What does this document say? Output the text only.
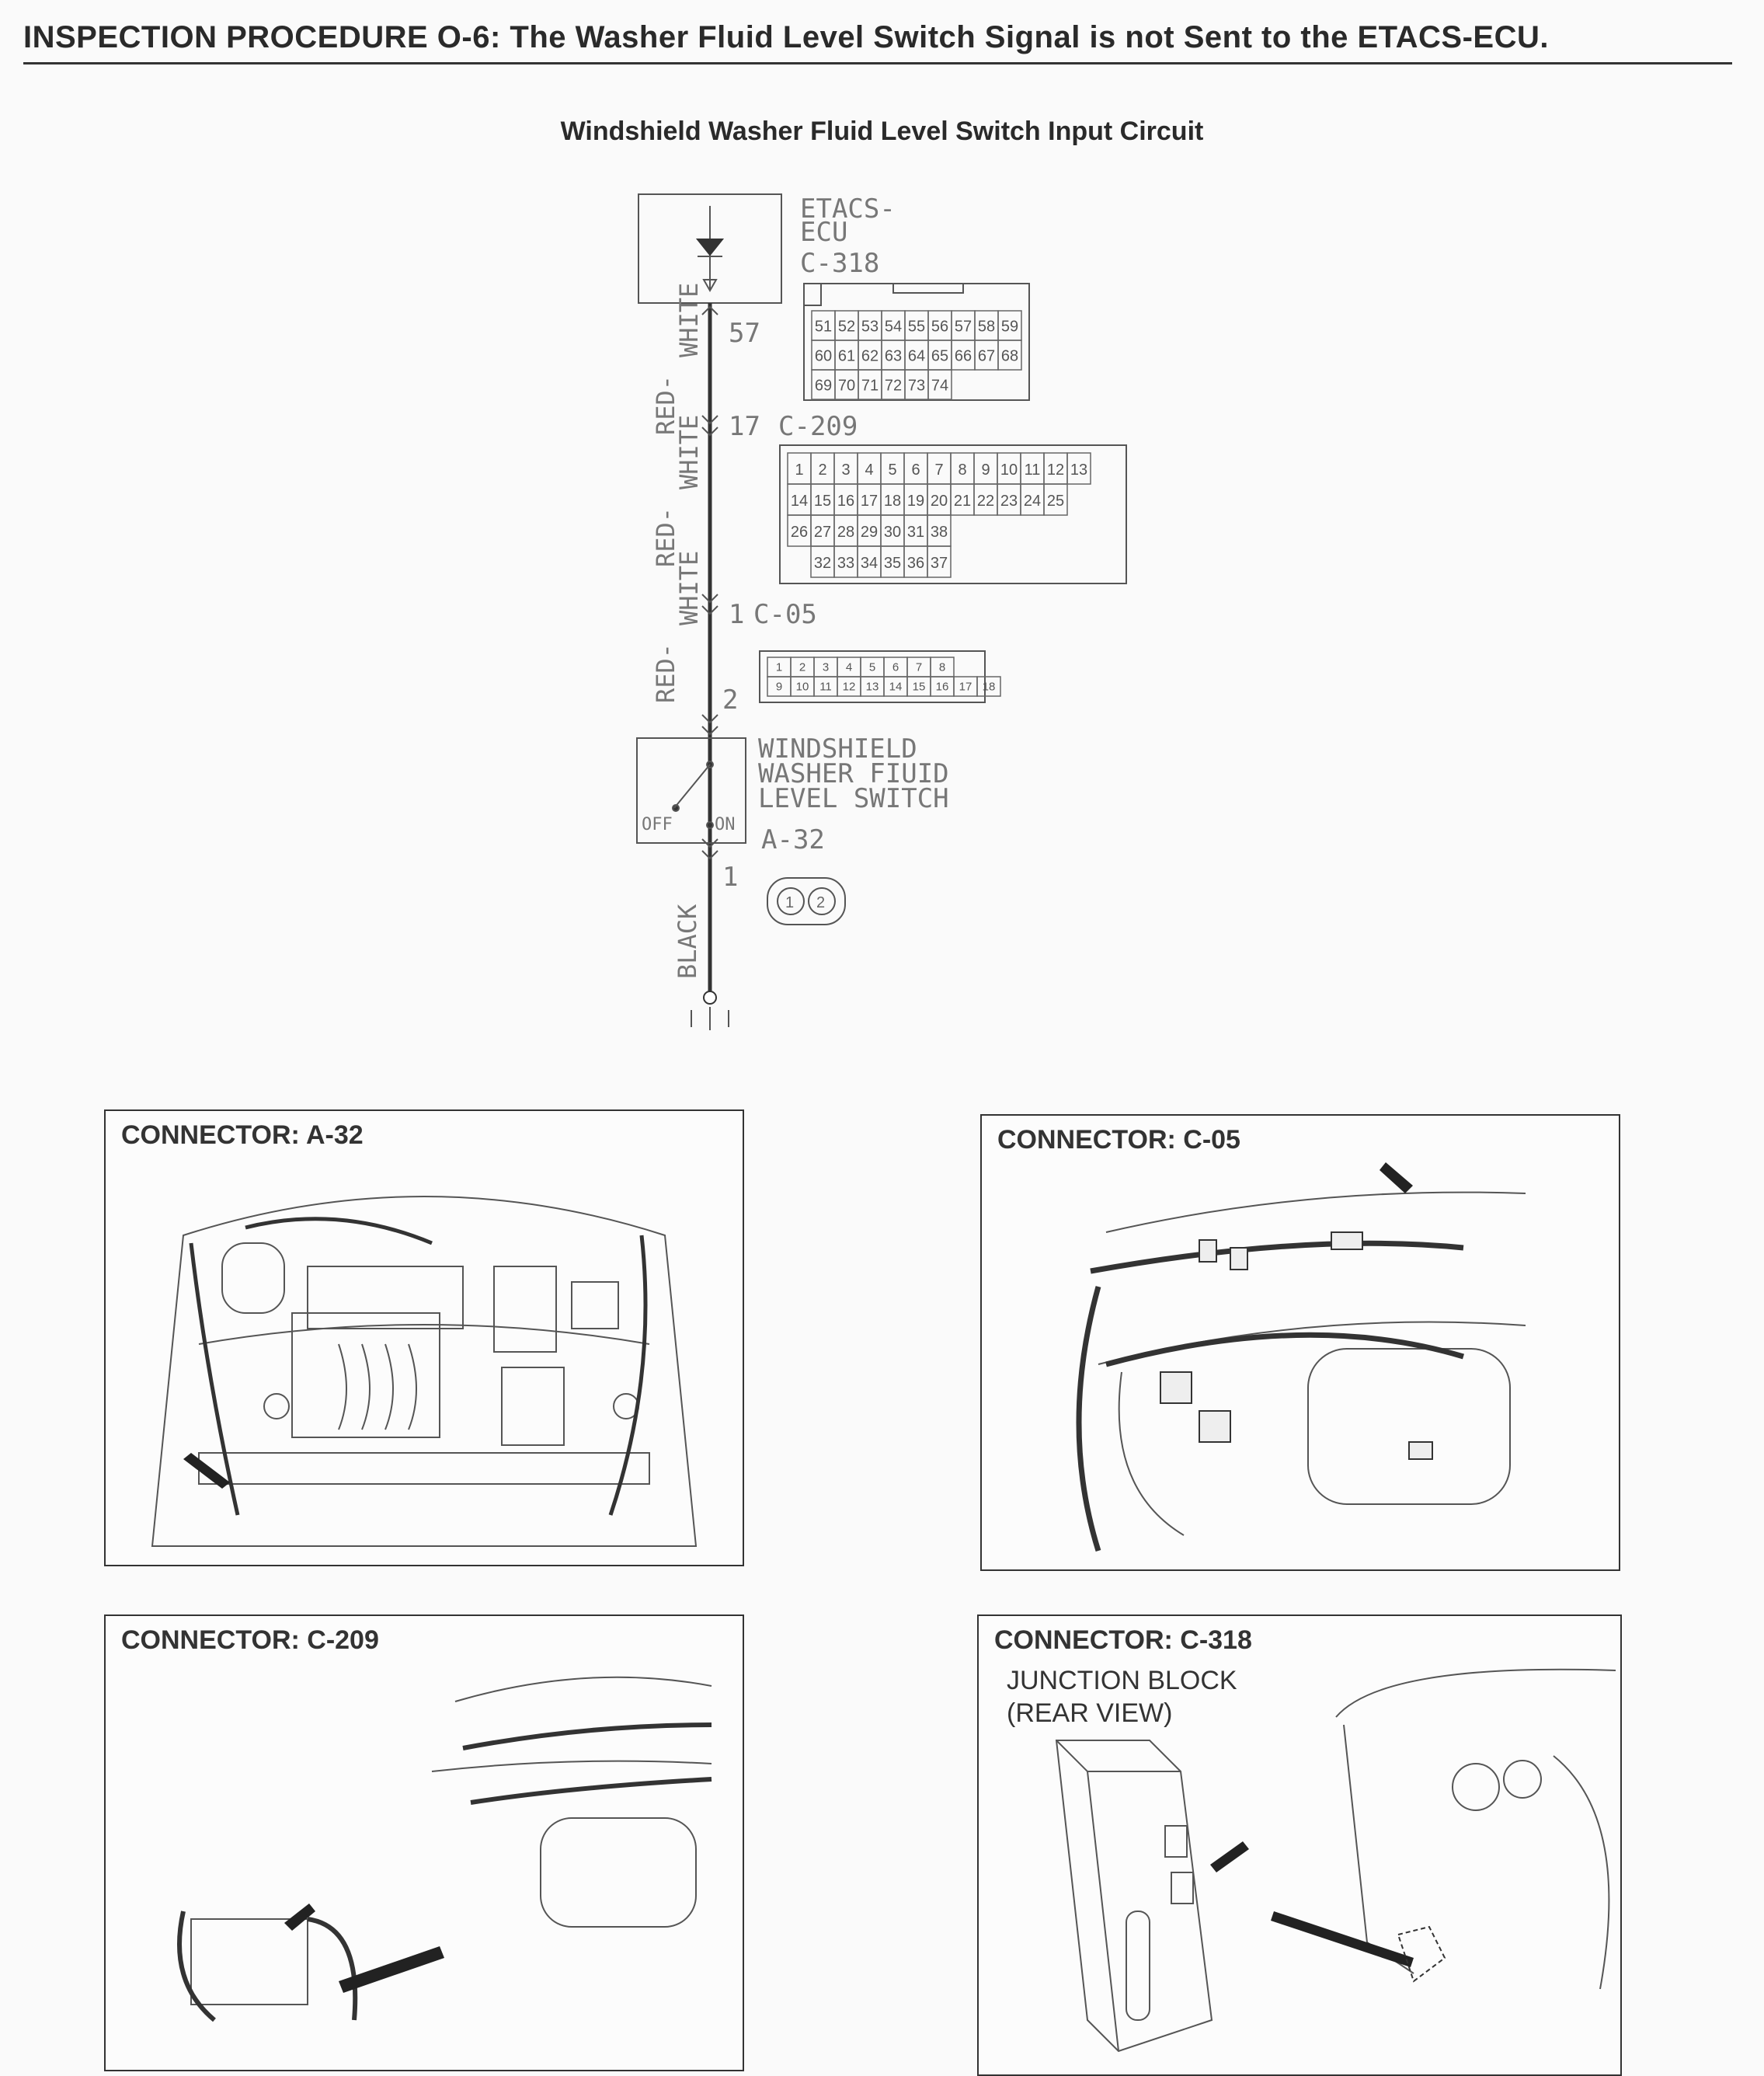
INSPECTION PROCEDURE O-6: The Washer Fluid Level Switch Signal is not Sent to the ETACS-ECU.
Windshield Washer Fluid Level Switch Input Circuit
ETACS-
ECU
C-318
57
17 C-209
1 C-05
2
WINDSHIELD
WASHER FIUID
LEVEL SWITCH
A-32
1
OFF ON
RED-
WHITE
RED-
WHITE
RED-
WHITE
BLACK
51 52 53 54 55 56 57 58 59
60 61 62 63 64 65 66 67 68
69 70 71 72 73 74
1 2 3 4 5 6 7 8 9 10 11 12 13
14 15 16 17 18 19 20 21 22 23 24 25
26 27 28 29 30 31 38
32 33 34 35 36 37
1 2 3 4 5 6 7 8
9 10 11 12 13 14 15 16 17 18
1 2
CONNECTOR: A-32	CONNECTOR: C-05
CONNECTOR: C-209	CONNECTOR: C-318
JUNCTION BLOCK
(REAR VIEW)
